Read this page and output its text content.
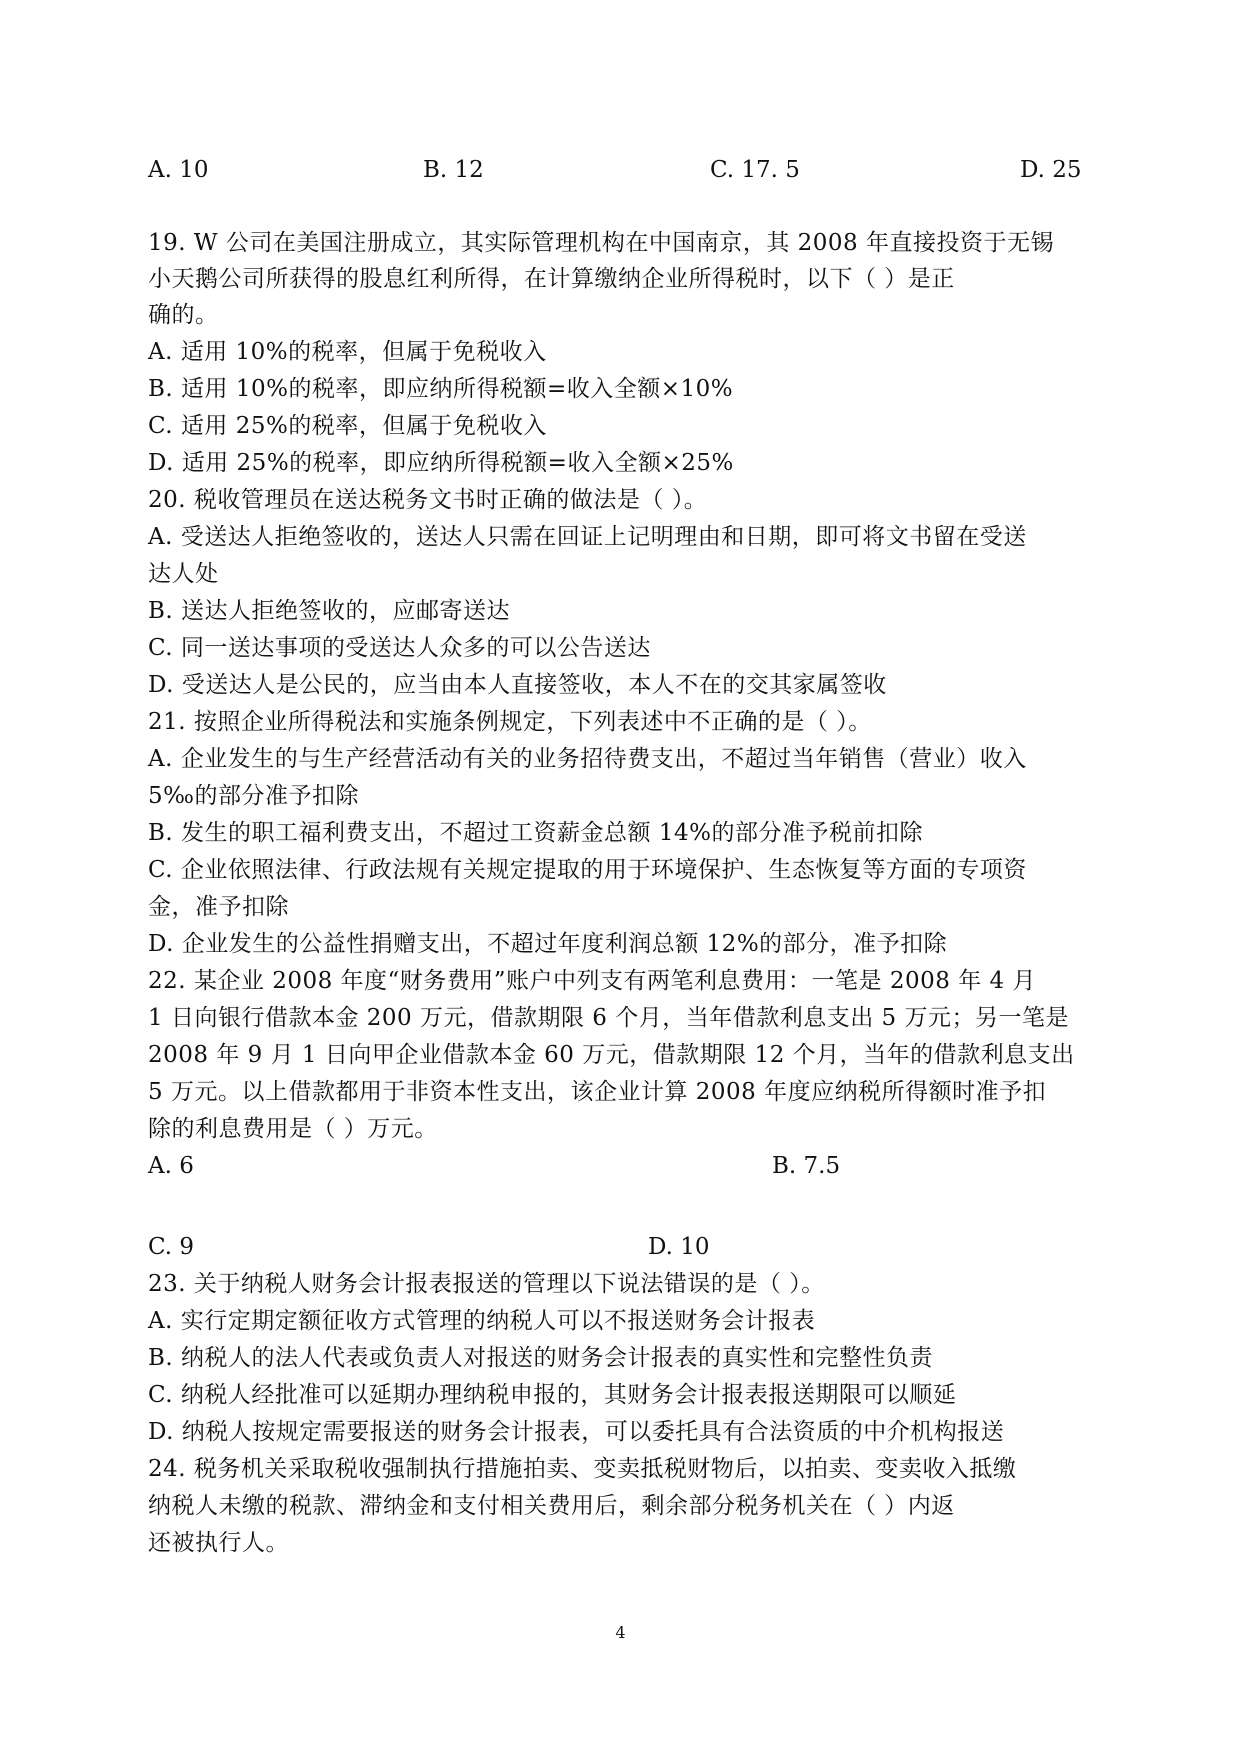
A. 10	B. 12	C. 17. 5	D. 25
19. W 公司在美国注册成立，其实际管理机构在中国南京，其 2008 年直接投资于无锡
小天鹅公司所获得的股息红利所得，在计算缴纳企业所得税时，以下（ ）是正
确的。
A. 适用 10%的税率，但属于免税收入
B. 适用 10%的税率，即应纳所得税额=收入全额×10%
C. 适用 25%的税率，但属于免税收入
D. 适用 25%的税率，即应纳所得税额=收入全额×25%
20. 税收管理员在送达税务文书时正确的做法是（ ）。
A. 受送达人拒绝签收的，送达人只需在回证上记明理由和日期，即可将文书留在受送
达人处
B. 送达人拒绝签收的，应邮寄送达
C. 同一送达事项的受送达人众多的可以公告送达
D. 受送达人是公民的，应当由本人直接签收，本人不在的交其家属签收
21. 按照企业所得税法和实施条例规定，下列表述中不正确的是（ ）。
A. 企业发生的与生产经营活动有关的业务招待费支出，不超过当年销售（营业）收入
5‰的部分准予扣除
B. 发生的职工福利费支出，不超过工资薪金总额 14%的部分准予税前扣除
C. 企业依照法律、行政法规有关规定提取的用于环境保护、生态恢复等方面的专项资
金，准予扣除
D. 企业发生的公益性捐赠支出，不超过年度利润总额 12%的部分，准予扣除
22. 某企业 2008 年度“财务费用”账户中列支有两笔利息费用：一笔是 2008 年 4 月
1 日向银行借款本金 200 万元，借款期限 6 个月，当年借款利息支出 5 万元；另一笔是
2008 年 9 月 1 日向甲企业借款本金 60 万元，借款期限 12 个月，当年的借款利息支出
5 万元。以上借款都用于非资本性支出，该企业计算 2008 年度应纳税所得额时准予扣
除的利息费用是（ ）万元。
A. 6	B. 7.5
C. 9	D. 10
23. 关于纳税人财务会计报表报送的管理以下说法错误的是（ ）。
A. 实行定期定额征收方式管理的纳税人可以不报送财务会计报表
B. 纳税人的法人代表或负责人对报送的财务会计报表的真实性和完整性负责
C. 纳税人经批准可以延期办理纳税申报的，其财务会计报表报送期限可以顺延
D. 纳税人按规定需要报送的财务会计报表，可以委托具有合法资质的中介机构报送
24. 税务机关采取税收强制执行措施拍卖、变卖抵税财物后，以拍卖、变卖收入抵缴
纳税人未缴的税款、滞纳金和支付相关费用后，剩余部分税务机关在（ ）内返
还被执行人。
4
